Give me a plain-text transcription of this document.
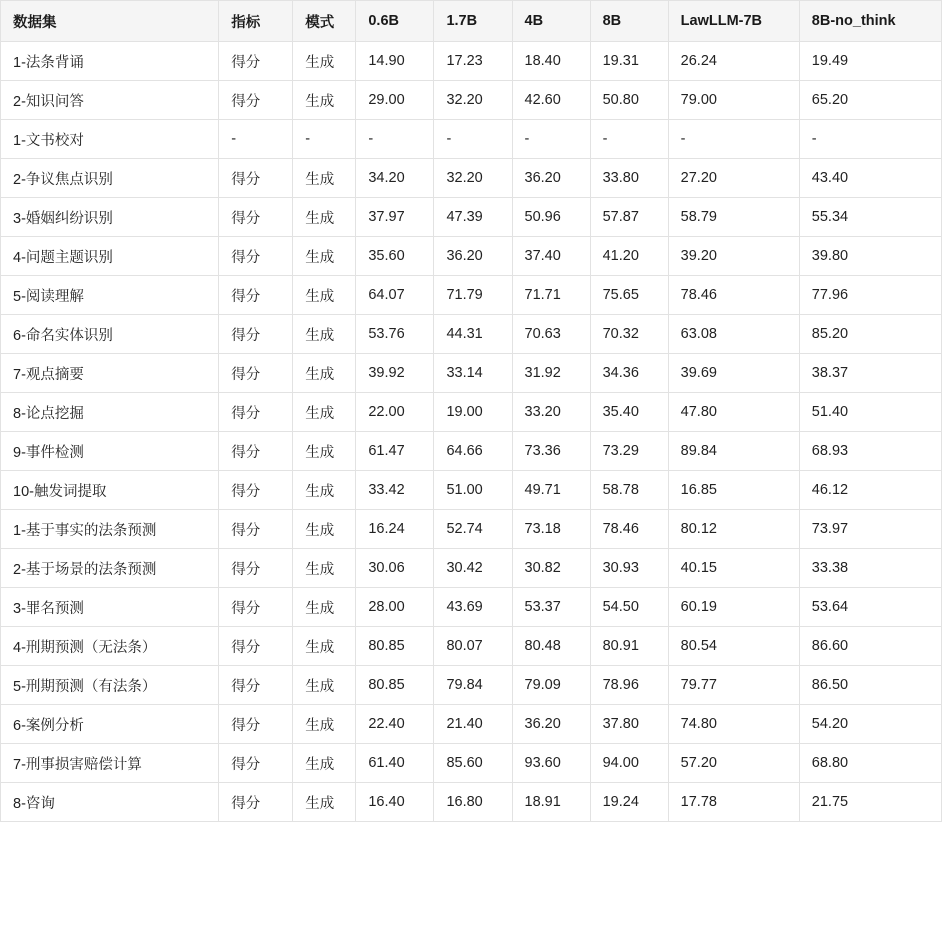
数据集	指标	模式	0.6B	1.7B	4B	8B	LawLLM-7B	8B-no_think
1-法条背诵	得分	生成	14.90	17.23	18.40	19.31	26.24	19.49
2-知识问答	得分	生成	29.00	32.20	42.60	50.80	79.00	65.20
1-文书校对	-	-	-	-	-	-	-	-
2-争议焦点识别	得分	生成	34.20	32.20	36.20	33.80	27.20	43.40
3-婚姻纠纷识别	得分	生成	37.97	47.39	50.96	57.87	58.79	55.34
4-问题主题识别	得分	生成	35.60	36.20	37.40	41.20	39.20	39.80
5-阅读理解	得分	生成	64.07	71.79	71.71	75.65	78.46	77.96
6-命名实体识别	得分	生成	53.76	44.31	70.63	70.32	63.08	85.20
7-观点摘要	得分	生成	39.92	33.14	31.92	34.36	39.69	38.37
8-论点挖掘	得分	生成	22.00	19.00	33.20	35.40	47.80	51.40
9-事件检测	得分	生成	61.47	64.66	73.36	73.29	89.84	68.93
10-触发词提取	得分	生成	33.42	51.00	49.71	58.78	16.85	46.12
1-基于事实的法条预测	得分	生成	16.24	52.74	73.18	78.46	80.12	73.97
2-基于场景的法条预测	得分	生成	30.06	30.42	30.82	30.93	40.15	33.38
3-罪名预测	得分	生成	28.00	43.69	53.37	54.50	60.19	53.64
4-刑期预测（无法条）	得分	生成	80.85	80.07	80.48	80.91	80.54	86.60
5-刑期预测（有法条）	得分	生成	80.85	79.84	79.09	78.96	79.77	86.50
6-案例分析	得分	生成	22.40	21.40	36.20	37.80	74.80	54.20
7-刑事损害赔偿计算	得分	生成	61.40	85.60	93.60	94.00	57.20	68.80
8-咨询	得分	生成	16.40	16.80	18.91	19.24	17.78	21.75
